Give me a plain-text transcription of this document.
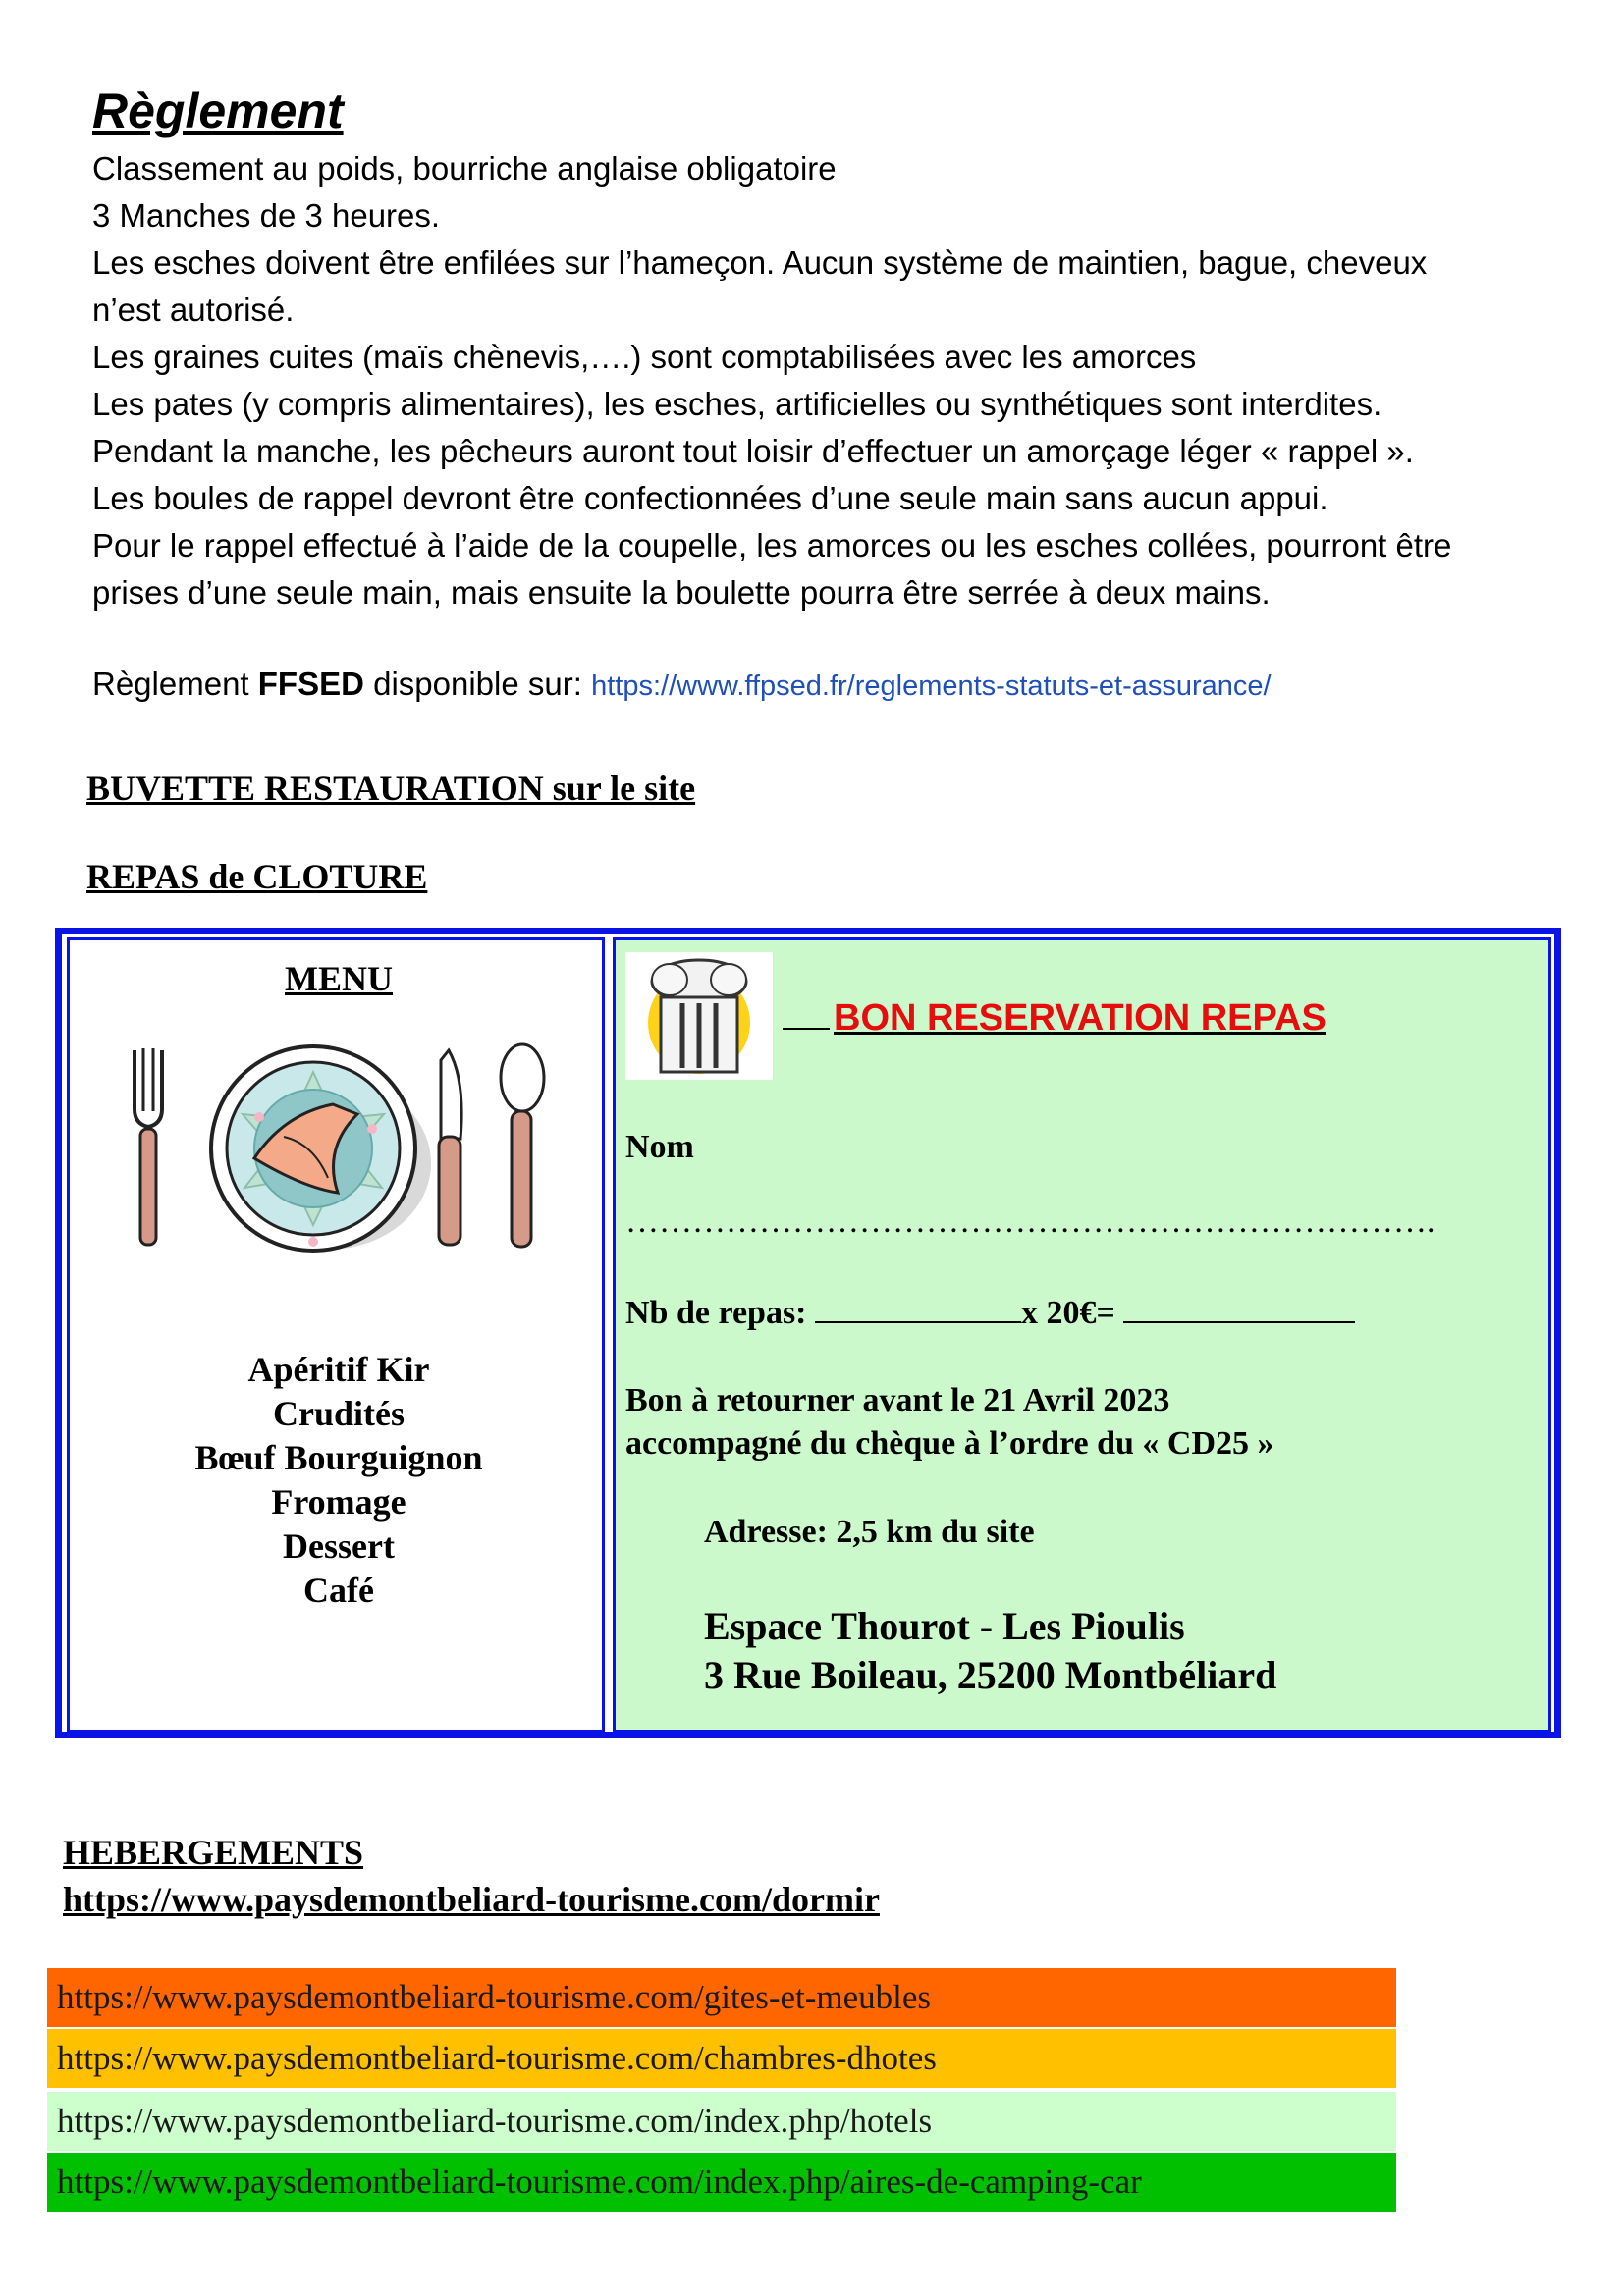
Règlement
Classement au poids, bourriche anglaise obligatoire
3 Manches de 3 heures.
Les esches doivent être enfilées sur l’hameçon. Aucun système de maintien, bague, cheveux
n’est autorisé.
Les graines cuites (maïs chènevis,….) sont comptabilisées avec les amorces
Les pates (y compris alimentaires), les esches, artificielles ou synthétiques sont interdites.
Pendant la manche, les pêcheurs auront tout loisir d’effectuer un amorçage léger « rappel ».
Les boules de rappel devront être confectionnées d’une seule main sans aucun appui.
Pour le rappel effectué à l’aide de la coupelle, les amorces ou les esches collées, pourront être
prises d’une seule main, mais ensuite la boulette pourra être serrée à deux mains.
Règlement FFSED disponible sur: https://www.ffpsed.fr/reglements-statuts-et-assurance/
BUVETTE RESTAURATION sur le site
REPAS de CLOTURE
MENU
Apéritif Kir
Crudités
Bœuf Bourguignon
Fromage
Dessert
Café
BON RESERVATION REPAS
Nom
……………………………………………………………….
Nb de repas:	x 20€=
Bon à retourner avant le 21 Avril 2023
accompagné du chèque à l’ordre du « CD25 »
Adresse: 2,5 km du site
Espace Thourot - Les Pioulis
3 Rue Boileau, 25200 Montbéliard
HEBERGEMENTS
https://www.paysdemontbeliard-tourisme.com/dormir
https://www.paysdemontbeliard-tourisme.com/gites-et-meubles
https://www.paysdemontbeliard-tourisme.com/chambres-dhotes
https://www.paysdemontbeliard-tourisme.com/index.php/hotels
https://www.paysdemontbeliard-tourisme.com/index.php/aires-de-camping-car
